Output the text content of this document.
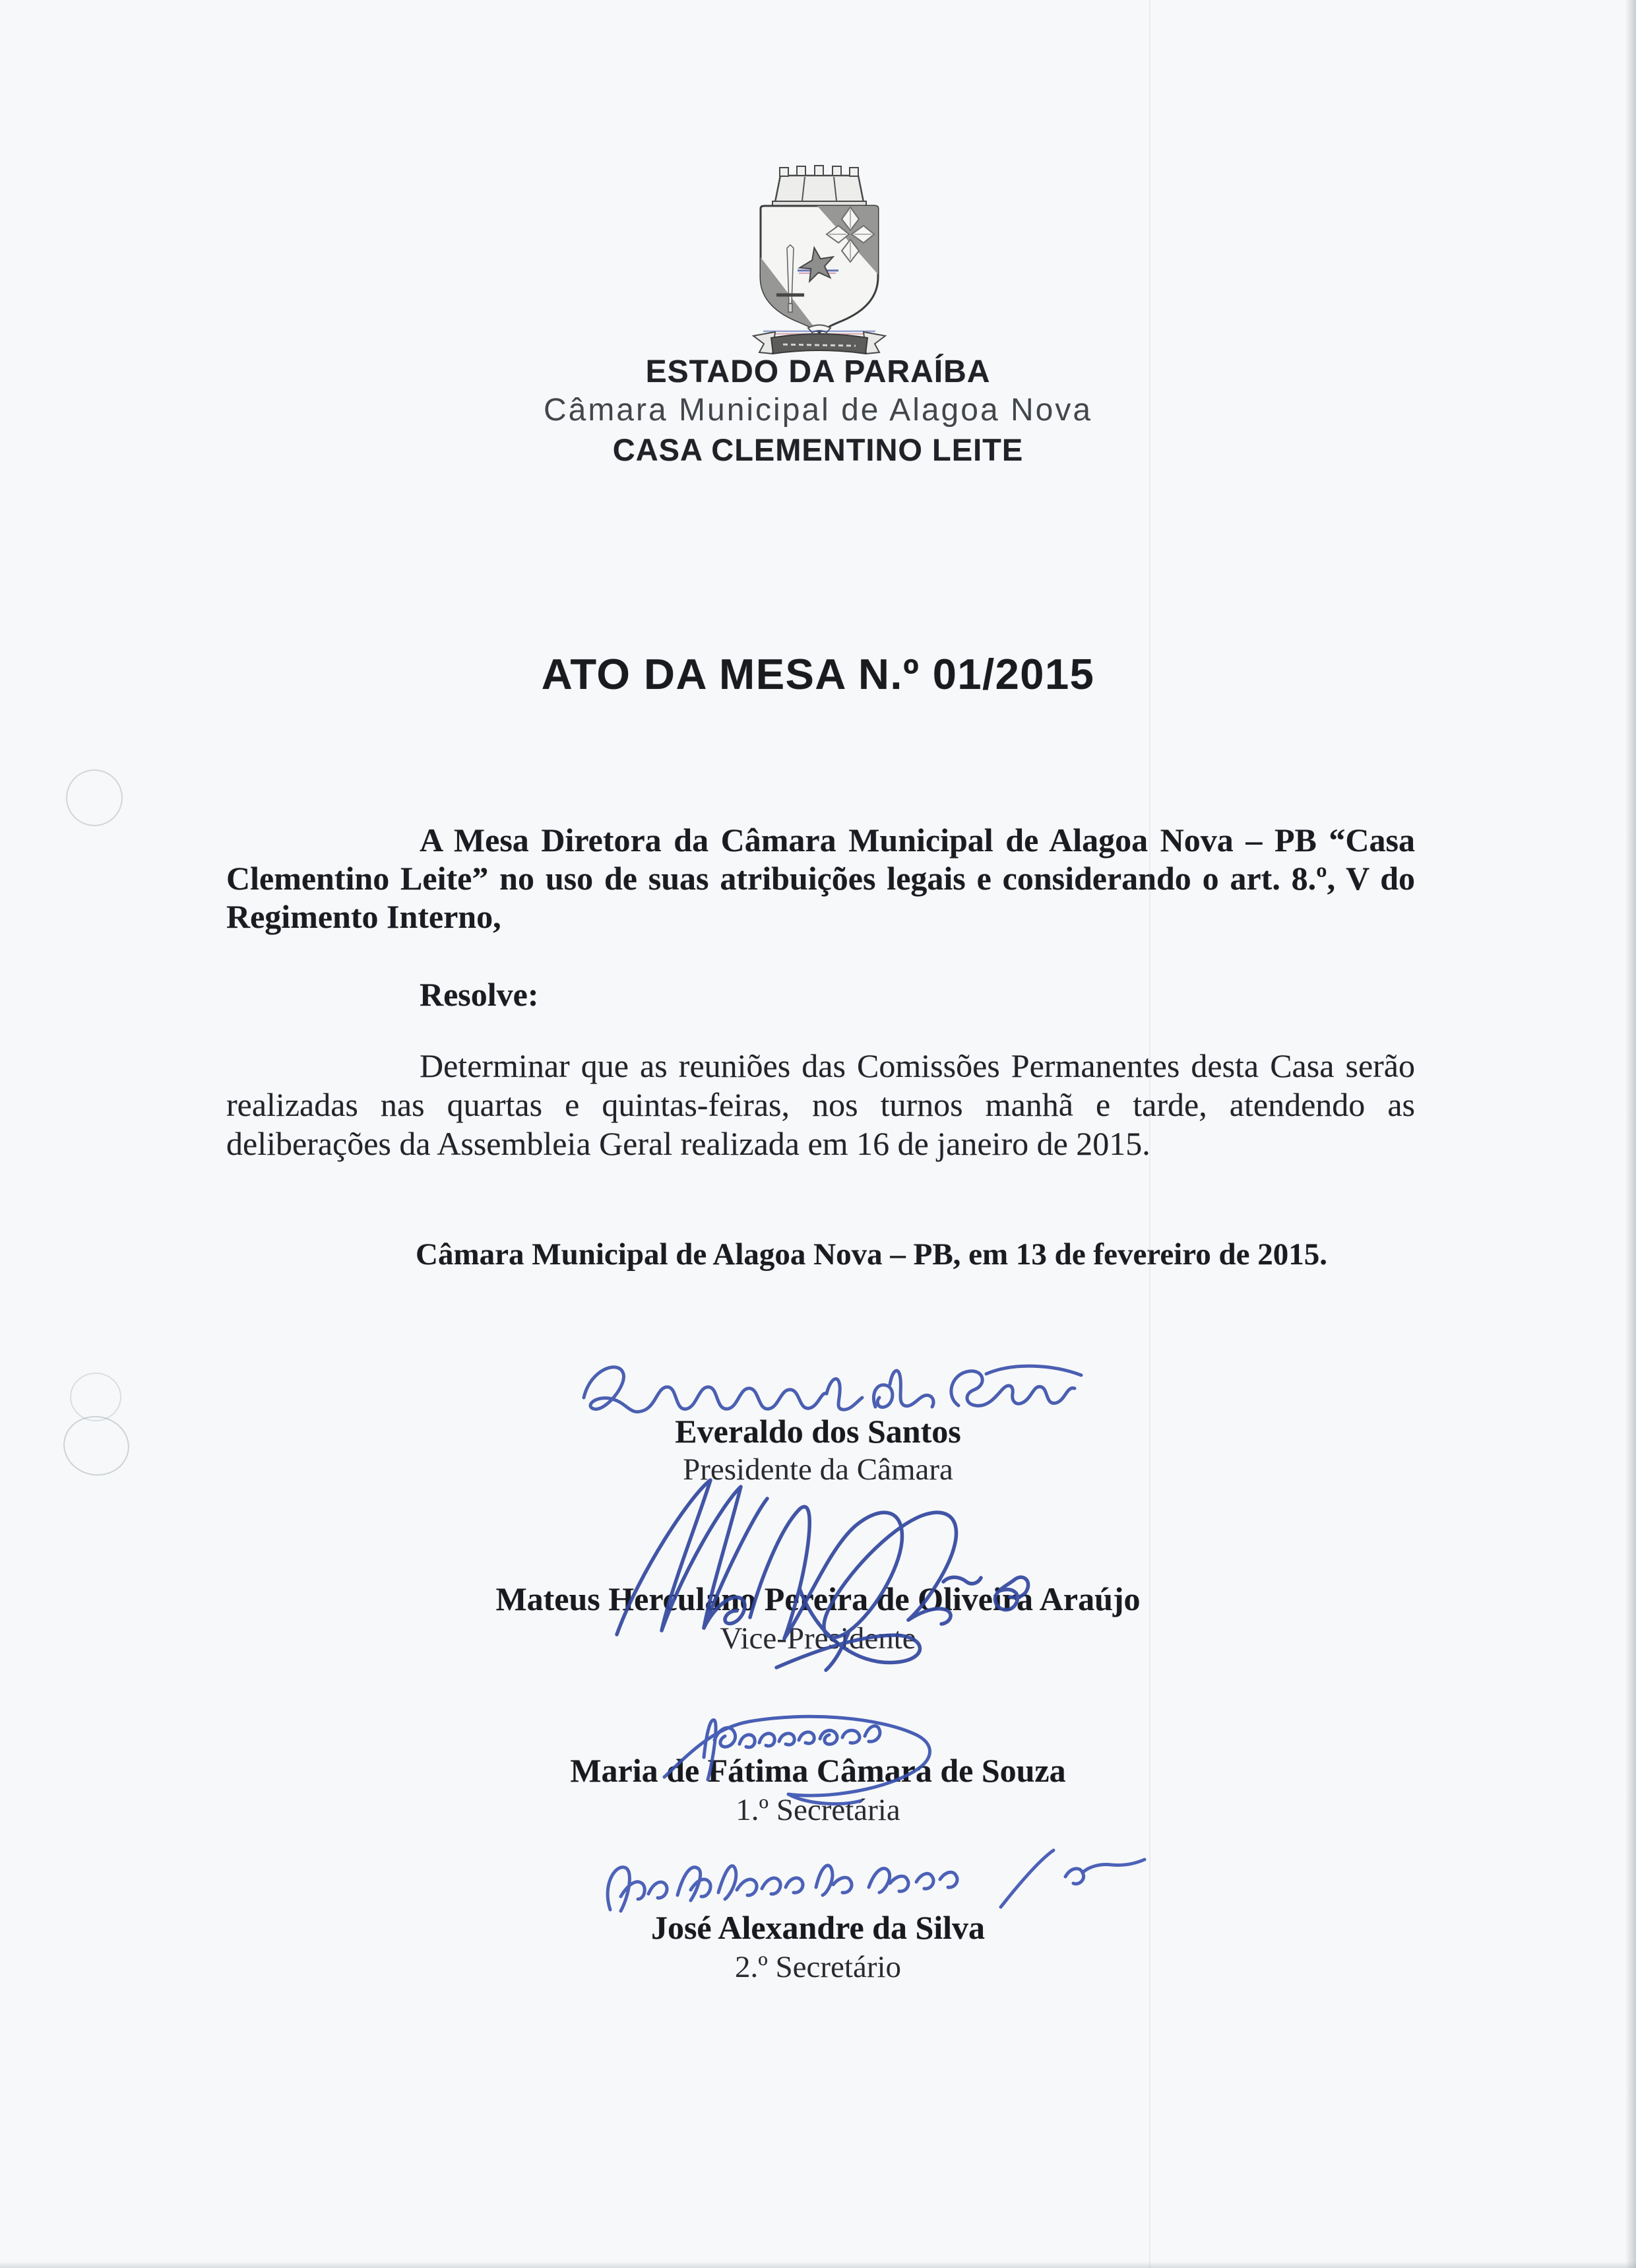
ESTADO DA PARAÍBA
Câmara Municipal de Alagoa Nova
CASA CLEMENTINO LEITE
ATO DA MESA N.º 01/2015
A Mesa Diretora da Câmara Municipal de Alagoa Nova – PB “Casa
Clementino Leite” no uso de suas atribuições legais e considerando o art. 8.º, V do
Regimento Interno,
Resolve:
Determinar que as reuniões das Comissões Permanentes desta Casa serão
realizadas nas quartas e quintas-feiras, nos turnos manhã e tarde, atendendo as
deliberações da Assembleia Geral realizada em 16 de janeiro de 2015.
Câmara Municipal de Alagoa Nova – PB, em 13 de fevereiro de 2015.
Everaldo dos Santos
Presidente da Câmara
Mateus Herculano Pereira de Oliveira Araújo
Vice-Presidente
Maria de Fátima Câmara de Souza
1.º Secretária
José Alexandre da Silva
2.º Secretário
